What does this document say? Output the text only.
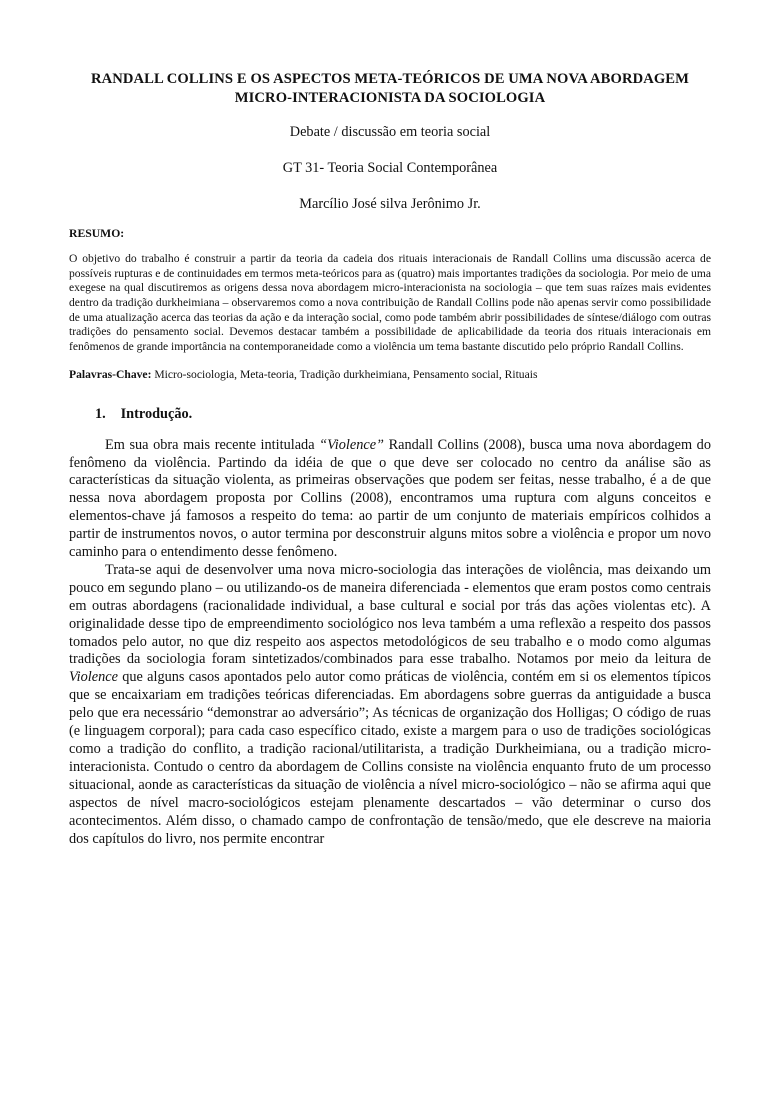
RANDALL COLLINS E OS ASPECTOS META-TEÓRICOS DE UMA NOVA ABORDAGEM
MICRO-INTERACIONISTA DA SOCIOLOGIA
Debate / discussão em teoria social
GT 31- Teoria Social Contemporânea
Marcílio José silva Jerônimo Jr.
RESUMO:
O objetivo do trabalho é construir a partir da teoria da cadeia dos rituais interacionais de Randall Collins uma discussão acerca de possíveis rupturas e de continuidades em termos meta-teóricos para as (quatro) mais importantes tradições da sociologia. Por meio de uma exegese na qual discutiremos as origens dessa nova abordagem micro-interacionista na sociologia – que tem suas raízes mais evidentes dentro da tradição durkheimiana – observaremos como a nova contribuição de Randall Collins pode não apenas servir como possibilidade de uma atualização acerca das teorias da ação e da interação social, como pode também abrir possibilidades de síntese/diálogo com outras tradições do pensamento social. Devemos destacar também a possibilidade de aplicabilidade da teoria dos rituais interacionais em fenômenos de grande importância na contemporaneidade como a violência um tema bastante discutido pelo próprio Randall Collins.
Palavras-Chave: Micro-sociologia, Meta-teoria, Tradição durkheimiana, Pensamento social, Rituais
1. Introdução.

Em sua obra mais recente intitulada “Violence” Randall Collins (2008), busca uma nova abordagem do fenômeno da violência. Partindo da idéia de que o que deve ser colocado no centro da análise são as características da situação violenta, as primeiras observações que podem ser feitas, nesse trabalho, é a de que nessa nova abordagem proposta por Collins (2008), encontramos uma ruptura com alguns conceitos e elementos-chave já famosos a respeito do tema: ao partir de um conjunto de materiais empíricos colhidos a partir de instrumentos novos, o autor termina por desconstruir alguns mitos sobre a violência e propor um novo caminho para o entendimento desse fenômeno.

Trata-se aqui de desenvolver uma nova micro-sociologia das interações de violência, mas deixando um pouco em segundo plano – ou utilizando-os de maneira diferenciada - elementos que eram postos como centrais em outras abordagens (racionalidade individual, a base cultural e social por trás das ações violentas etc). A originalidade desse tipo de empreendimento sociológico nos leva também a uma reflexão a respeito dos passos tomados pelo autor, no que diz respeito aos aspectos metodológicos de seu trabalho e o modo como algumas tradições da sociologia foram sintetizados/combinados para esse trabalho. Notamos por meio da leitura de Violence que alguns casos apontados pelo autor como práticas de violência, contém em si os elementos típicos que se encaixariam em tradições teóricas diferenciadas. Em abordagens sobre guerras da antiguidade a busca pelo que era necessário “demonstrar ao adversário”; As técnicas de organização dos Holligas; O código de ruas (e linguagem corporal); para cada caso específico citado, existe a margem para o uso de tradições sociológicas como a tradição do conflito, a tradição racional/utilitarista, a tradição Durkheimiana, ou a tradição micro-interacionista. Contudo o centro da abordagem de Collins consiste na violência enquanto fruto de um processo situacional, aonde as características da situação de violência a nível micro-sociológico – não se afirma aqui que aspectos de nível macro-sociológicos estejam plenamente descartados – vão determinar o curso dos acontecimentos. Além disso, o chamado campo de confrontação de tensão/medo, que ele descreve na maioria dos capítulos do livro, nos permite encontrar
